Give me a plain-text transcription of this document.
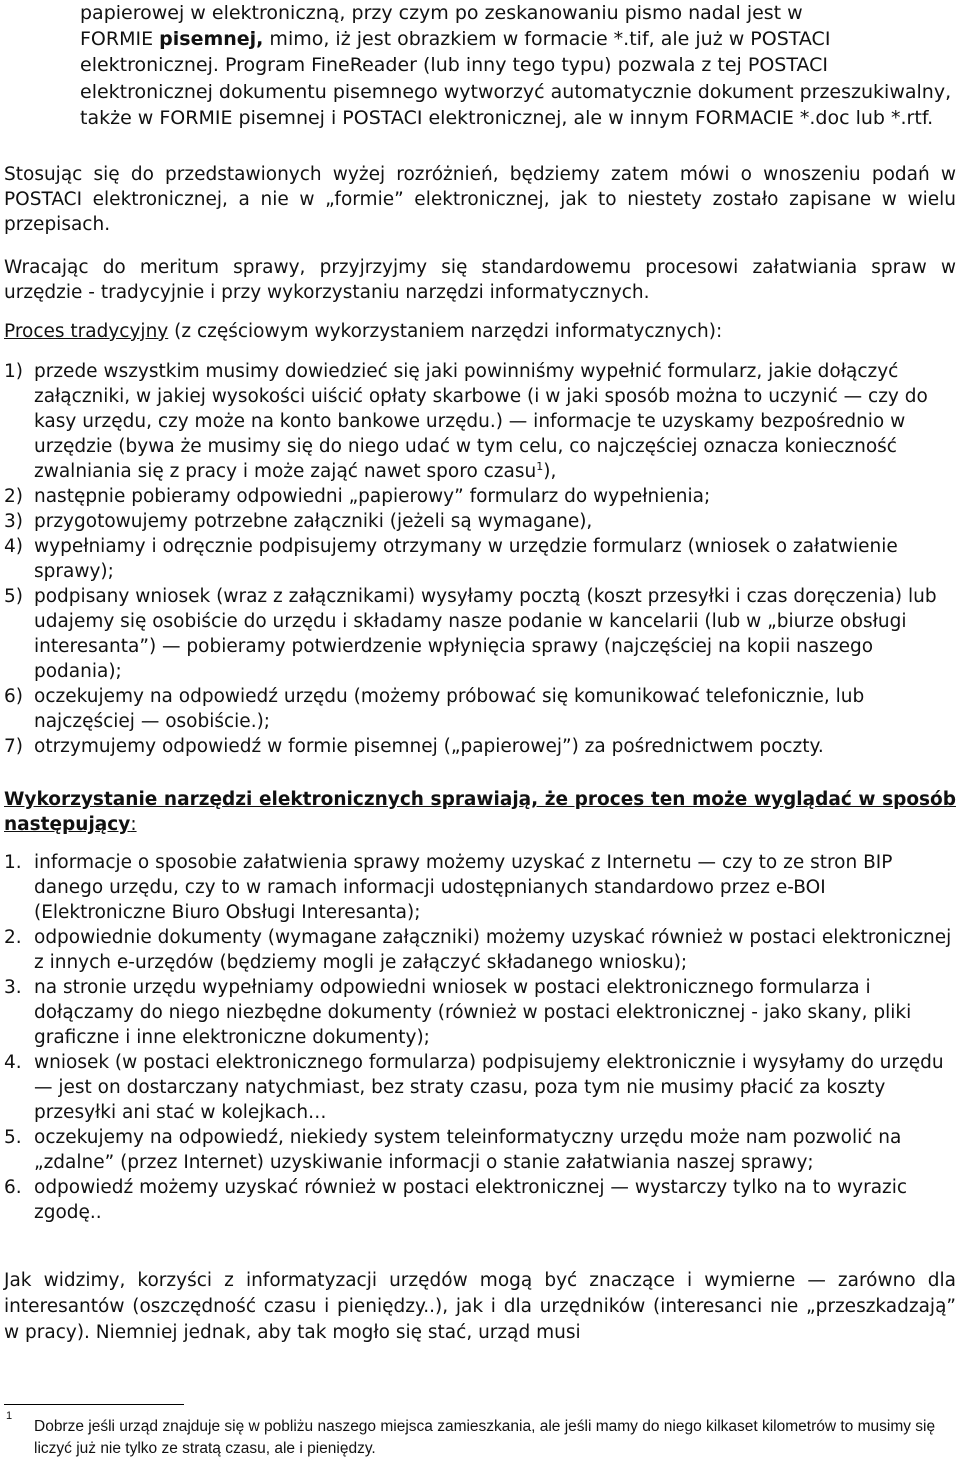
papierowej w elektroniczną, przy czym po zeskanowaniu pismo nadal jest w

FORMIE pisemnej, mimo, iż jest obrazkiem w formacie *.tif, ale już w POSTACI

elektronicznej. Program FineReader (lub inny tego typu) pozwala z tej POSTACI elektronicznej dokumentu pisemnego wytworzyć automatycznie dokument przeszukiwalny, także w FORMIE pisemnej i POSTACI elektronicznej, ale w innym FORMACIE *.doc lub *.rtf.

Stosując się do przedstawionych wyżej rozróżnień, będziemy zatem mówi o wnoszeniu podań w POSTACI elektronicznej, a nie w „formie” elektronicznej, jak to niestety zostało zapisane w wielu przepisach.

Wracając do meritum sprawy, przyjrzyjmy się standardowemu procesowi załatwiania spraw w urzędzie - tradycyjnie i przy wykorzystaniu narzędzi informatycznych.

Proces tradycyjny (z częściowym wykorzystaniem narzędzi informatycznych):

1) przede wszystkim musimy dowiedzieć się jaki powinniśmy wypełnić formularz, jakie dołączyć załączniki, w jakiej wysokości uiścić opłaty skarbowe (i w jaki sposób można to uczynić — czy do kasy urzędu, czy może na konto bankowe urzędu.) — informacje te uzyskamy bezpośrednio w urzędzie (bywa że musimy się do niego udać w tym celu, co najczęściej oznacza konieczność zwalniania się z pracy i może zająć nawet sporo czasu$^1$),
2) następnie pobieramy odpowiedni „papierowy” formularz do wypełnienia;
3) przygotowujemy potrzebne załączniki (jeżeli są wymagane),
4) wypełniamy i odręcznie podpisujemy otrzymany w urzędzie formularz (wniosek o załatwienie sprawy);
5) podpisany wniosek (wraz z załącznikami) wysyłamy pocztą (koszt przesyłki i czas doręczenia) lub udajemy się osobiście do urzędu i składamy nasze podanie w kancelarii (lub w „biurze obsługi interesanta”) — pobieramy potwierdzenie wpłynięcia sprawy (najczęściej na kopii naszego podania);
6) oczekujemy na odpowiedź urzędu (możemy próbować się komunikować telefonicznie, lub najczęściej — osobiście.);
7) otrzymujemy odpowiedź w formie pisemnej („papierowej”) za pośrednictwem poczty.

Wykorzystanie narzędzi elektronicznych sprawiają, że proces ten może wyglądać w sposób następujący:

1. informacje o sposobie załatwienia sprawy możemy uzyskać z Internetu — czy to ze stron BIP danego urzędu, czy to w ramach informacji udostępnianych standardowo przez e-BOI (Elektroniczne Biuro Obsługi Interesanta);
2. odpowiednie dokumenty (wymagane załączniki) możemy uzyskać również w postaci elektronicznej z innych e-urzędów (będziemy mogli je załączyć składanego wniosku);
3. na stronie urzędu wypełniamy odpowiedni wniosek w postaci elektronicznego formularza i dołączamy do niego niezbędne dokumenty (również w postaci elektronicznej - jako skany, pliki graficzne i inne elektroniczne dokumenty);
4. wniosek (w postaci elektronicznego formularza) podpisujemy elektronicznie i wysyłamy do urzędu — jest on dostarczany natychmiast, bez straty czasu, poza tym nie musimy płacić za koszty przesyłki ani stać w kolejkach…
5. oczekujemy na odpowiedź, niekiedy system teleinformatyczny urzędu może nam pozwolić na „zdalne” (przez Internet) uzyskiwanie informacji o stanie załatwiania naszej sprawy;
6. odpowiedź możemy uzyskać również w postaci elektronicznej — wystarczy tylko na to wyrazic zgodę..

Jak widzimy, korzyści z informatyzacji urzędów mogą być znaczące i wymierne — zarówno dla interesantów (oszczędność czasu i pieniędzy..), jak i dla urzędników (interesanci nie „przeszkadzają” w pracy). Niemniej jednak, aby tak mogło się stać, urząd musi

1
Dobrze jeśli urząd znajduje się w pobliżu naszego miejsca zamieszkania, ale jeśli mamy do niego kilkaset kilometrów to musimy się liczyć już nie tylko ze stratą czasu, ale i pieniędzy.
